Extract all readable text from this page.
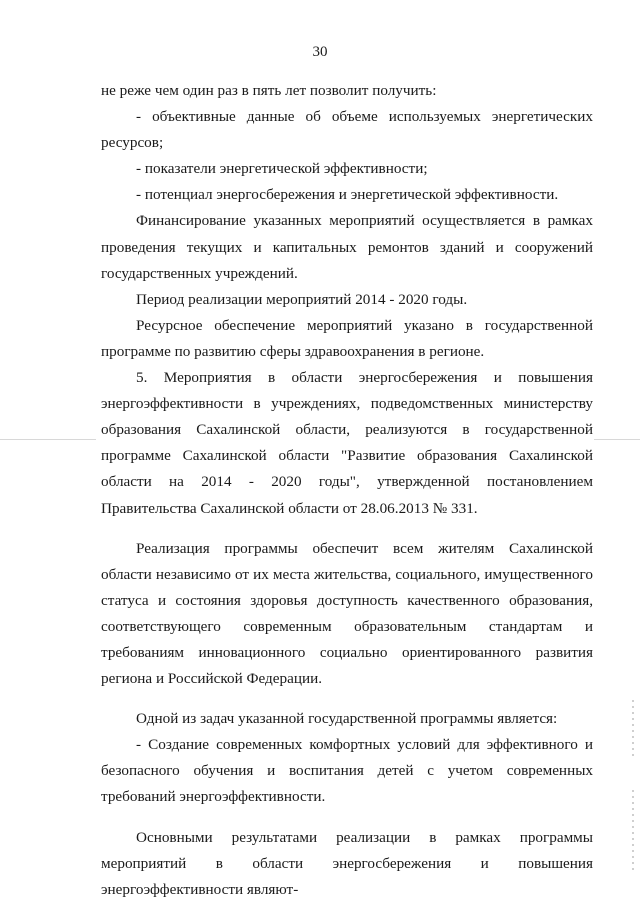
30

не реже чем один раз в пять лет позволит получить:

- объективные данные об объеме используемых энергетических ресурсов;

- показатели энергетической эффективности;

- потенциал энергосбережения и энергетической эффективности.

Финансирование указанных мероприятий осуществляется в рамках проведения текущих и капитальных ремонтов зданий и сооружений государственных учреждений.

Период реализации мероприятий 2014 - 2020 годы.

Ресурсное обеспечение мероприятий указано в государственной программе по развитию сферы здравоохранения в регионе.

5. Мероприятия в области энергосбережения и повышения энергоэффективности в учреждениях, подведомственных министерству образования Сахалинской области, реализуются в государственной программе Сахалинской области "Развитие образования Сахалинской области на 2014 - 2020 годы", утвержденной постановлением Правительства Сахалинской области от 28.06.2013 № 331.

Реализация программы обеспечит всем жителям Сахалинской области независимо от их места жительства, социального, имущественного статуса и состояния здоровья доступность качественного образования, соответствующего современным образовательным стандартам и требованиям инновационного социально ориентированного развития региона и Российской Федерации.

Одной из задач указанной государственной программы является:

- Создание современных комфортных условий для эффективного и безопасного обучения и воспитания детей с учетом современных требований энергоэффективности.

Основными результатами реализации в рамках программы мероприятий в области энергосбережения и повышения энергоэффективности являют-
